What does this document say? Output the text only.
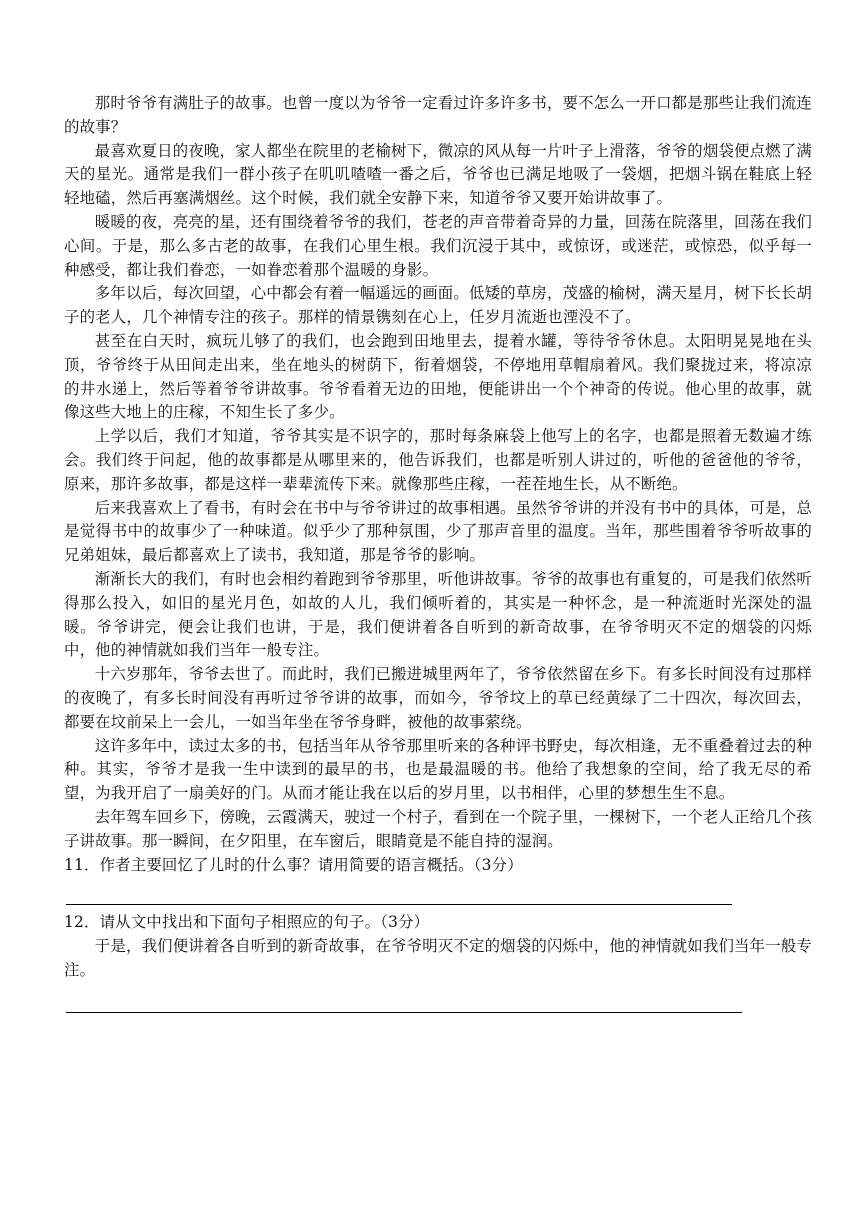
那时爷爷有满肚子的故事。也曾一度以为爷爷一定看过许多许多书，要不怎么一开口都是那些让我们流连的故事？

最喜欢夏日的夜晚，家人都坐在院里的老榆树下，微凉的风从每一片叶子上滑落，爷爷的烟袋便点燃了满天的星光。通常是我们一群小孩子在叽叽喳喳一番之后，爷爷也已满足地吸了一袋烟，把烟斗锅在鞋底上轻轻地磕，然后再塞满烟丝。这个时候，我们就全安静下来，知道爷爷又要开始讲故事了。

暖暖的夜，亮亮的星，还有围绕着爷爷的我们，苍老的声音带着奇异的力量，回荡在院落里，回荡在我们心间。于是，那么多古老的故事，在我们心里生根。我们沉浸于其中，或惊讶，或迷茫，或惊恐，似乎每一种感受，都让我们眷恋，一如眷恋着那个温暖的身影。

多年以后，每次回望，心中都会有着一幅遥远的画面。低矮的草房，茂盛的榆树，满天星月，树下长长胡子的老人，几个神情专注的孩子。那样的情景镌刻在心上，任岁月流逝也湮没不了。

甚至在白天时，疯玩儿够了的我们，也会跑到田地里去，提着水罐，等待爷爷休息。太阳明晃晃地在头顶，爷爷终于从田间走出来，坐在地头的树荫下，衔着烟袋，不停地用草帽扇着风。我们聚拢过来，将凉凉的井水递上，然后等着爷爷讲故事。爷爷看着无边的田地，便能讲出一个个神奇的传说。他心里的故事，就像这些大地上的庄稼，不知生长了多少。

上学以后，我们才知道，爷爷其实是不识字的，那时每条麻袋上他写上的名字，也都是照着无数遍才练会。我们终于问起，他的故事都是从哪里来的，他告诉我们，也都是听别人讲过的，听他的爸爸他的爷爷，原来，那许多故事，都是这样一辈辈流传下来。就像那些庄稼，一茬茬地生长，从不断绝。

后来我喜欢上了看书，有时会在书中与爷爷讲过的故事相遇。虽然爷爷讲的并没有书中的具体，可是，总是觉得书中的故事少了一种味道。似乎少了那种氛围，少了那声音里的温度。当年，那些围着爷爷听故事的兄弟姐妹，最后都喜欢上了读书，我知道，那是爷爷的影响。

渐渐长大的我们，有时也会相约着跑到爷爷那里，听他讲故事。爷爷的故事也有重复的，可是我们依然听得那么投入，如旧的星光月色，如故的人儿，我们倾听着的，其实是一种怀念，是一种流逝时光深处的温暖。爷爷讲完，便会让我们也讲，于是，我们便讲着各自听到的新奇故事，在爷爷明灭不定的烟袋的闪烁中，他的神情就如我们当年一般专注。

十六岁那年，爷爷去世了。而此时，我们已搬进城里两年了，爷爷依然留在乡下。有多长时间没有过那样的夜晚了，有多长时间没有再听过爷爷讲的故事，而如今，爷爷坟上的草已经黄绿了二十四次，每次回去，都要在坟前呆上一会儿，一如当年坐在爷爷身畔，被他的故事萦绕。

这许多年中，读过太多的书，包括当年从爷爷那里听来的各种评书野史，每次相逢，无不重叠着过去的种种。其实，爷爷才是我一生中读到的最早的书，也是最温暖的书。他给了我想象的空间，给了我无尽的希望，为我开启了一扇美好的门。从而才能让我在以后的岁月里，以书相伴，心里的梦想生生不息。

去年驾车回乡下，傍晚，云霞满天，驶过一个村子，看到在一个院子里，一棵树下，一个老人正给几个孩子讲故事。那一瞬间，在夕阳里，在车窗后，眼睛竟是不能自持的湿润。

11．作者主要回忆了儿时的什么事？请用简要的语言概括。（3分）

12．请从文中找出和下面句子相照应的句子。（3分）

于是，我们便讲着各自听到的新奇故事，在爷爷明灭不定的烟袋的闪烁中，他的神情就如我们当年一般专注。
